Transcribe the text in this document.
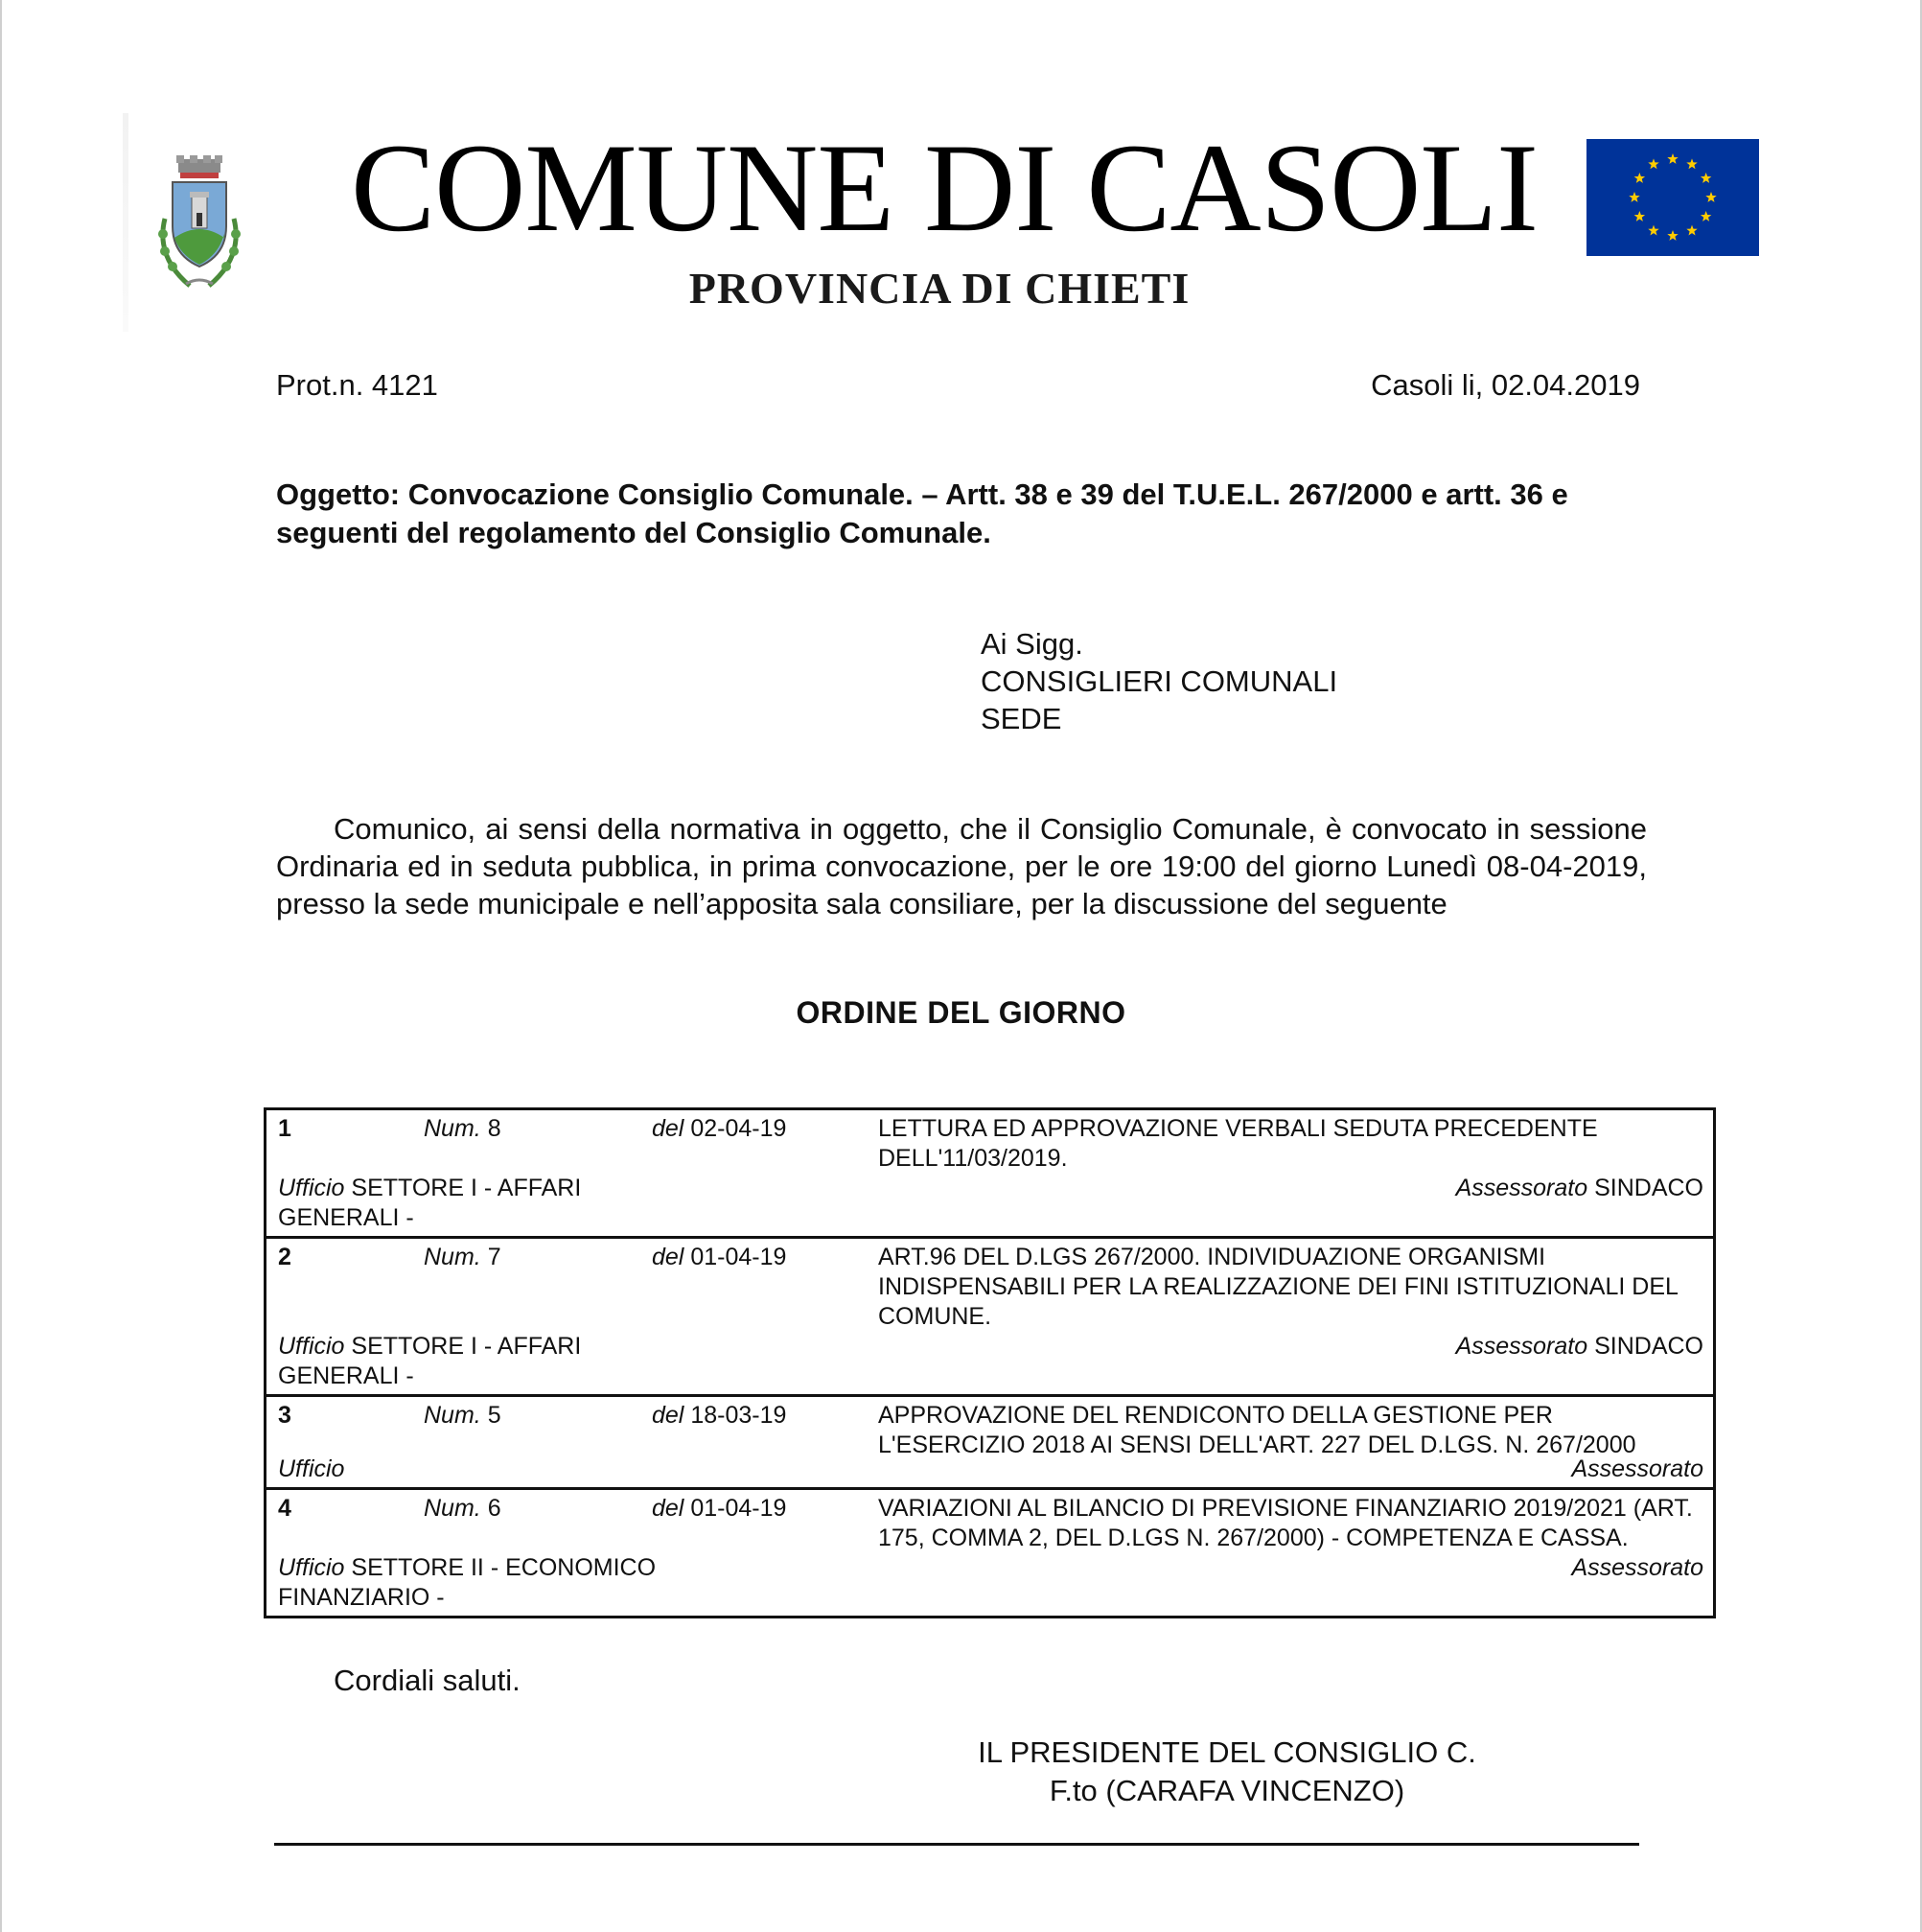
COMUNE DI CASOLI
PROVINCIA DI CHIETI
Prot.n. 4121	Casoli li, 02.04.2019
Oggetto: Convocazione Consiglio Comunale. – Artt. 38 e 39 del T.U.E.L. 267/2000 e artt. 36 e seguenti del regolamento del Consiglio Comunale.
Ai Sigg.
CONSIGLIERI COMUNALI
SEDE
Comunico, ai sensi della normativa in oggetto, che il Consiglio Comunale, è convocato in sessione Ordinaria ed in seduta pubblica, in prima convocazione, per le ore 19:00 del giorno Lunedì 08-04-2019, presso la sede municipale e nell’apposita sala consiliare, per la discussione del seguente
ORDINE DEL GIORNO
1	Num. 8	del 02-04-19	LETTURA ED APPROVAZIONE VERBALI SEDUTA PRECEDENTE DELL'11/03/2019.
Ufficio SETTORE I - AFFARI GENERALI -
Assessorato SINDACO
2	Num. 7	del 01-04-19	ART.96 DEL D.LGS 267/2000. INDIVIDUAZIONE ORGANISMI INDISPENSABILI PER LA REALIZZAZIONE DEI FINI ISTITUZIONALI DEL COMUNE.
Ufficio SETTORE I - AFFARI GENERALI -
Assessorato SINDACO
3	Num. 5	del 18-03-19	APPROVAZIONE DEL RENDICONTO DELLA GESTIONE PER L'ESERCIZIO 2018 AI SENSI DELL'ART. 227 DEL D.LGS. N. 267/2000
Ufficio	Assessorato
4	Num. 6	del 01-04-19	VARIAZIONI AL BILANCIO DI PREVISIONE FINANZIARIO 2019/2021 (ART. 175, COMMA 2, DEL D.LGS N. 267/2000) - COMPETENZA E CASSA.
Ufficio SETTORE II - ECONOMICO FINANZIARIO -
Assessorato
Cordiali saluti.
IL PRESIDENTE DEL CONSIGLIO C.
F.to (CARAFA VINCENZO)
